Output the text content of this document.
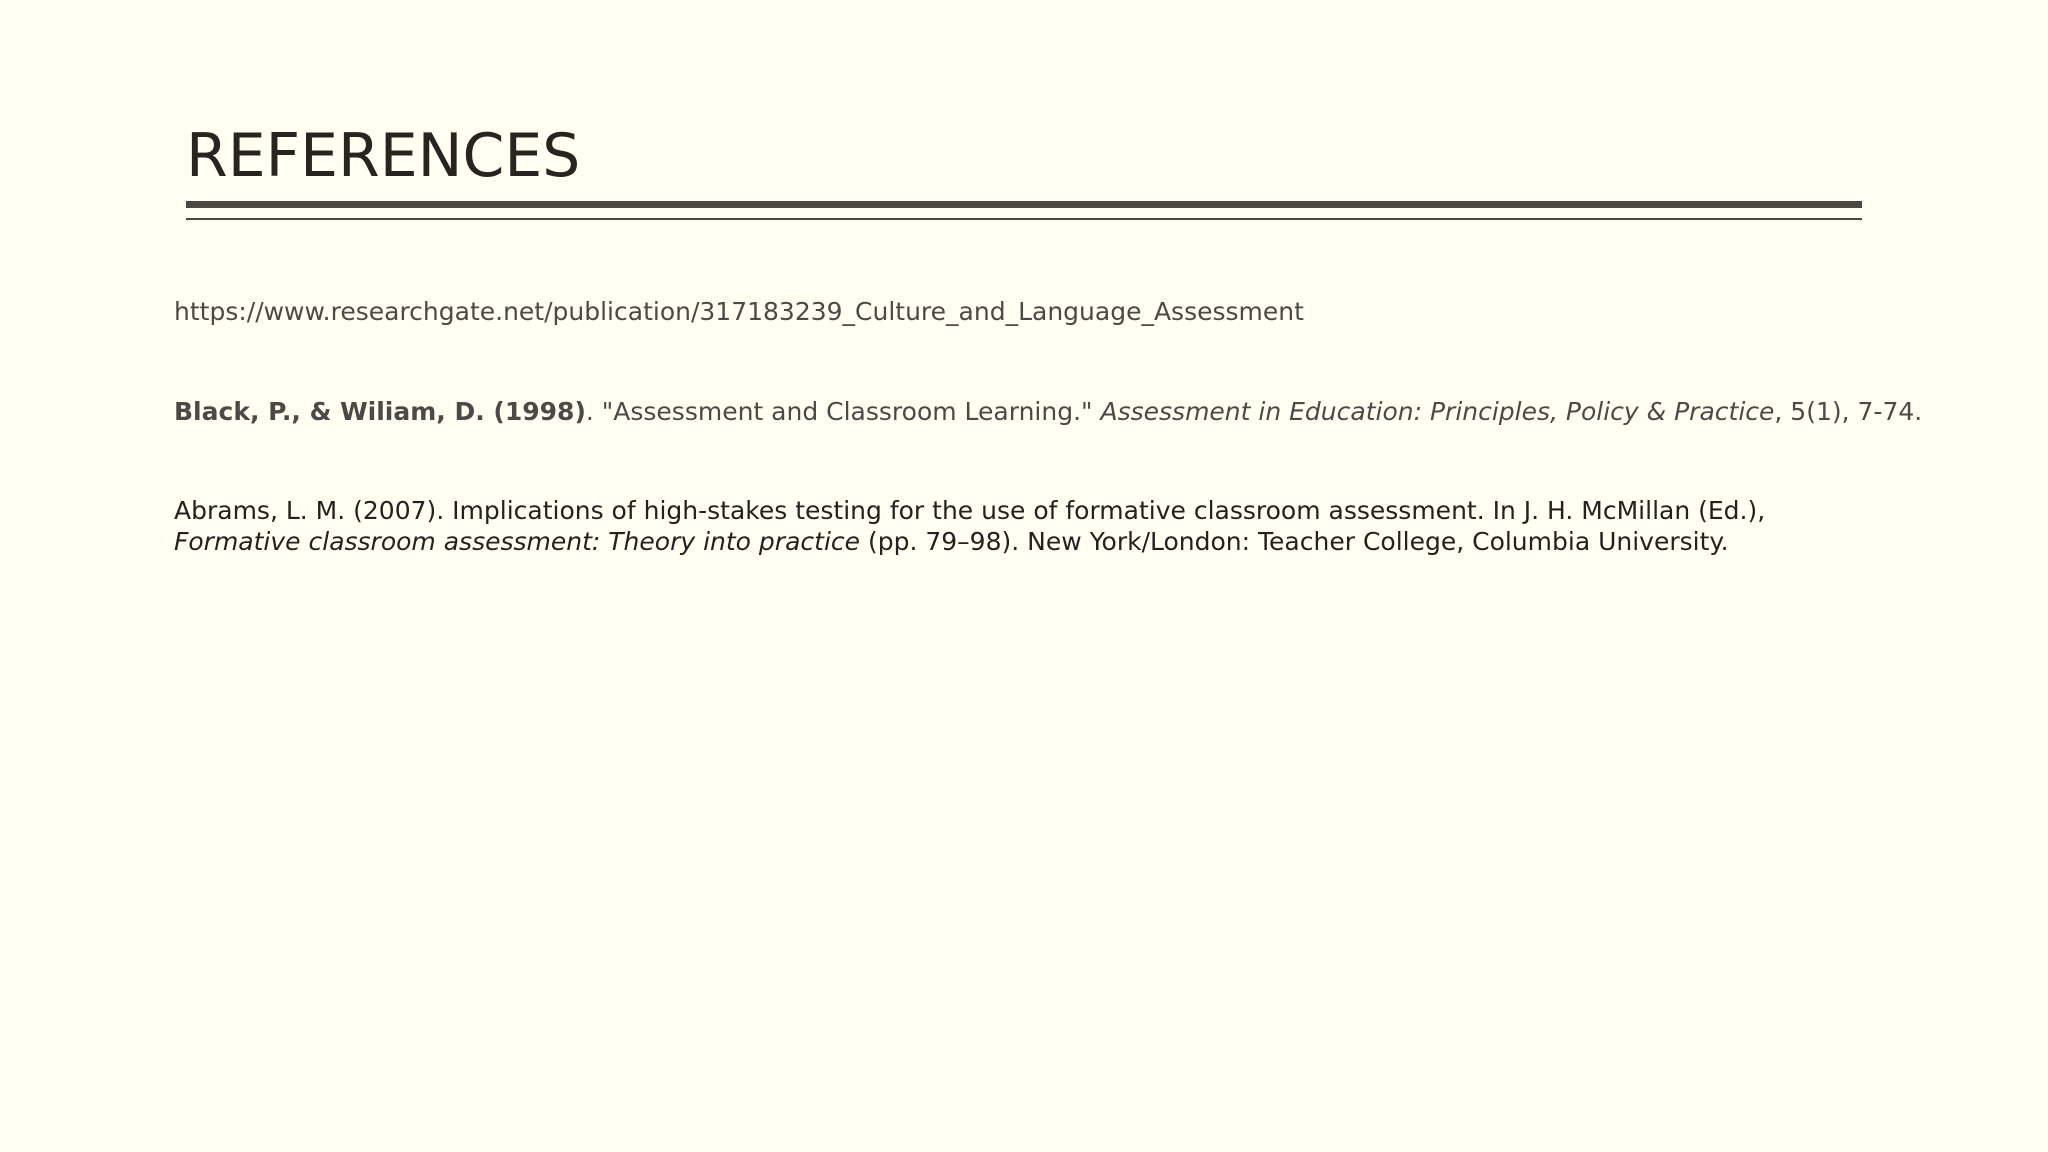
REFERENCES

https://www.researchgate.net/publication/317183239_Culture_and_Language_Assessment

Black, P., & Wiliam, D. (1998). "Assessment and Classroom Learning." Assessment in Education: Principles, Policy & Practice, 5(1), 7-74.

Abrams, L. M. (2007). Implications of high-stakes testing for the use of formative classroom assessment. In J. H. McMillan (Ed.), Formative classroom assessment: Theory into practice (pp. 79–98). New York/London: Teacher College, Columbia University.
